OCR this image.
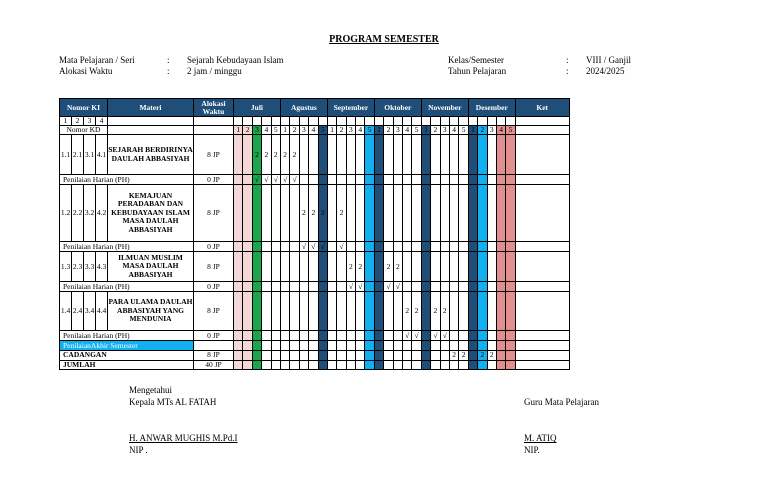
PROGRAM SEMESTER
Mata Pelajaran / Seri	: Sejarah Kebudayaan Islam
Alokasi Waktu	: 2 jam / minggu
Kelas/Semester	: VIII / Ganjil
Tahun Pelajaran	: 2024/2025
Nomor KI				Materi	Alokasi Waktu	Juli					Agustus					September					Oktober					November					Desember					Ket
1	2	3	4																																	
Nomor KD						1	2	3	4	5	1	2	3	4	5	1	2	3	4	5	1	2	3	4	5	1	2	3	4	5	1	2	3	4	5	
1.1	2.1	3.1	4.1	SEJARAH BERDIRINYA DAULAH ABBASIYAH	8 JP			2	2	2	2	2																								
Penilaian Harian (PH)					0 JP			√	√	√	√	√																								
1.2	2.2	3.2	4.2	KEMAJUAN PERADABAN DAN KEBUDAYAAN ISLAM MASA DAULAH ABBASIYAH	8 JP								2	2	2		2																			
Penilaian Harian (PH)					0 JP								√	√	√		√																			
1.3	2.3	3.3	4.3	ILMUAN MUSLIM MASA DAULAH ABBASIYAH	8 JP													2	2			2	2													
Penilaian Harian (PH)					0 JP													√	√			√	√													
1.4	2.4	3.4	4.4	PARA ULAMA DAULAH ABBASIYAH YANG MENDUNIA	8 JP																			2	2		2	2								
Penilaian Harian (PH)					0 JP																			√	√		√	√								
PenilaianAkhir Semester																																				
CADANGAN					8 JP																								2	2		2	2			
JUMLAH					40 JP																															
Mengetahui
Kepala MTs AL FATAH
H. ANWAR MUGHIS M.Pd.I
NIP .
Guru Mata Pelajaran
M. ATIQ
NIP.
